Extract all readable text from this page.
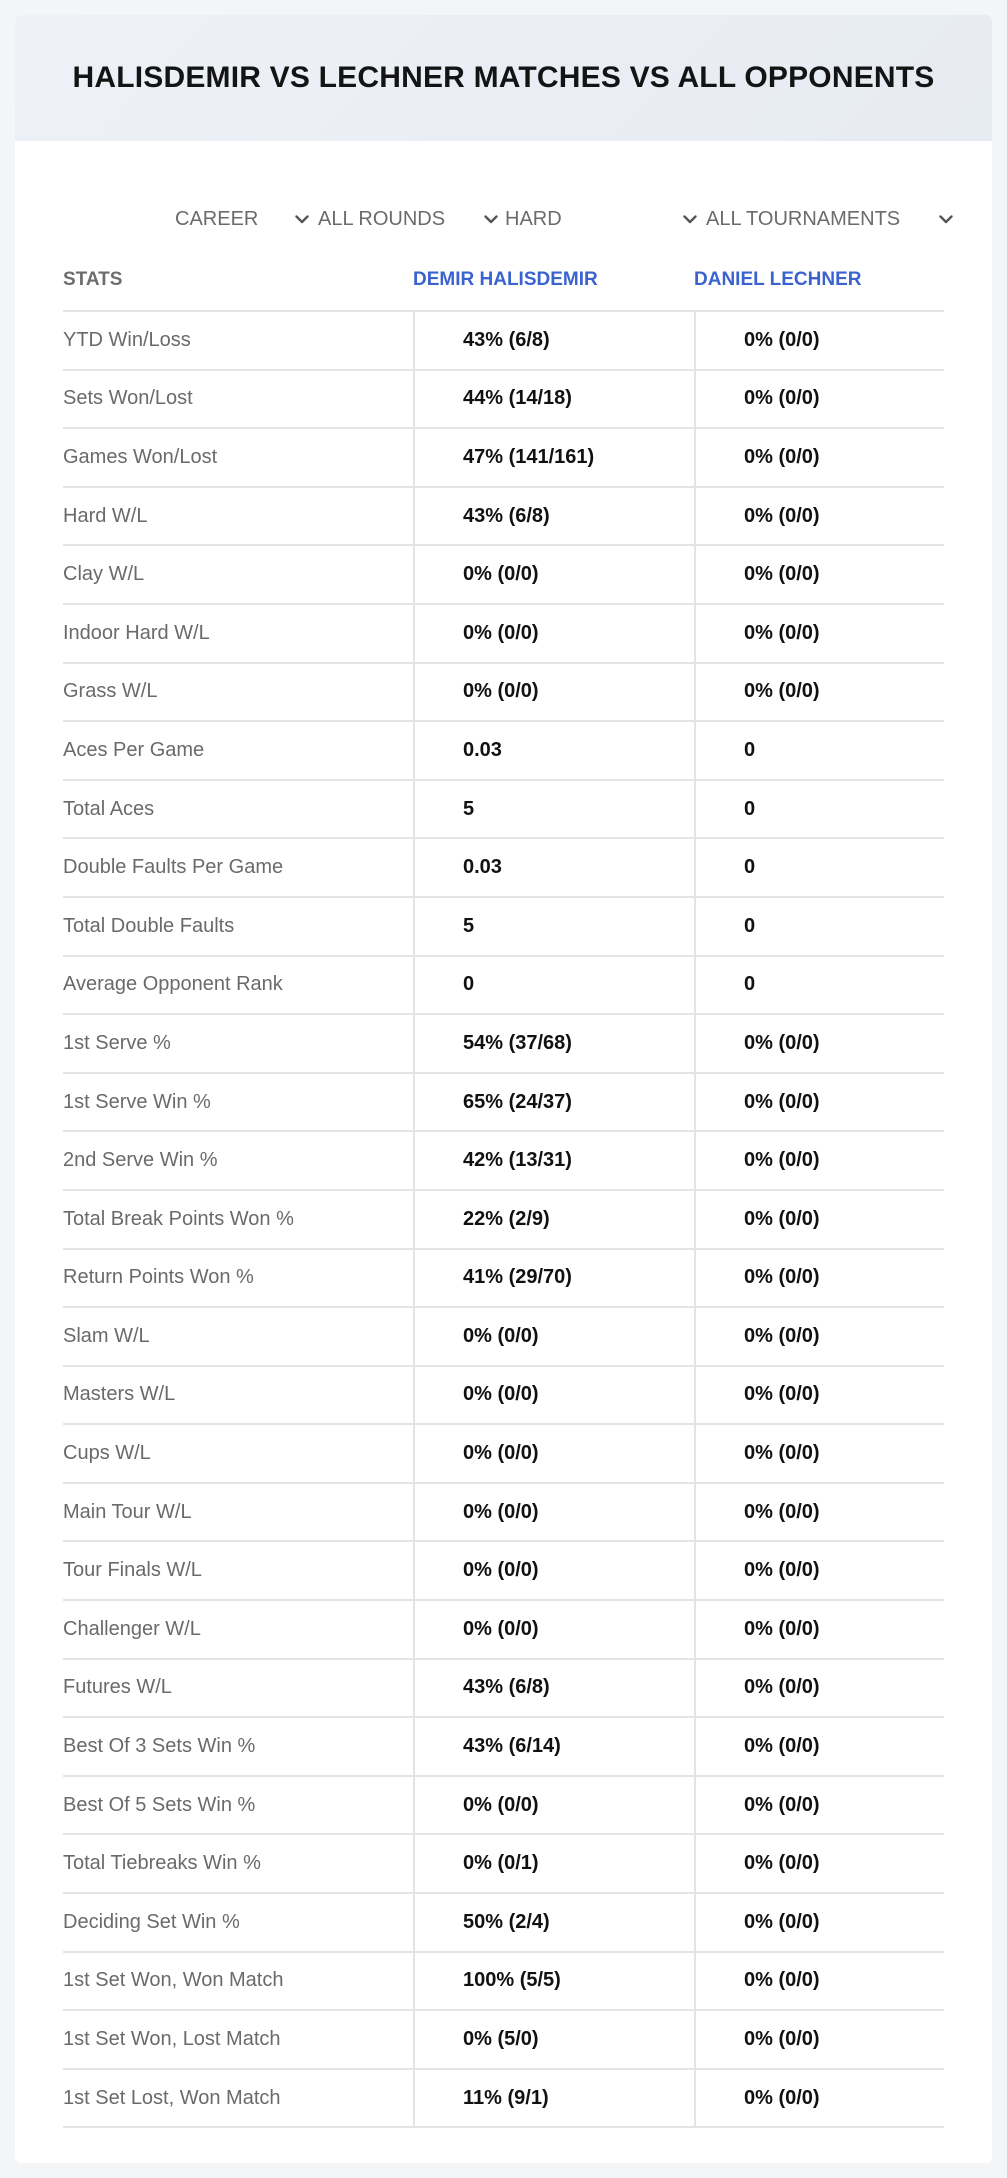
HALISDEMIR VS LECHNER MATCHES VS ALL OPPONENTS
CAREER	ALL ROUNDS	HARD	ALL TOURNAMENTS
STATS	DEMIR HALISDEMIR	DANIEL LECHNER
YTD Win/Loss	43% (6/8)	0% (0/0)
Sets Won/Lost	44% (14/18)	0% (0/0)
Games Won/Lost	47% (141/161)	0% (0/0)
Hard W/L	43% (6/8)	0% (0/0)
Clay W/L	0% (0/0)	0% (0/0)
Indoor Hard W/L	0% (0/0)	0% (0/0)
Grass W/L	0% (0/0)	0% (0/0)
Aces Per Game	0.03	0
Total Aces	5	0
Double Faults Per Game	0.03	0
Total Double Faults	5	0
Average Opponent Rank	0	0
1st Serve %	54% (37/68)	0% (0/0)
1st Serve Win %	65% (24/37)	0% (0/0)
2nd Serve Win %	42% (13/31)	0% (0/0)
Total Break Points Won %	22% (2/9)	0% (0/0)
Return Points Won %	41% (29/70)	0% (0/0)
Slam W/L	0% (0/0)	0% (0/0)
Masters W/L	0% (0/0)	0% (0/0)
Cups W/L	0% (0/0)	0% (0/0)
Main Tour W/L	0% (0/0)	0% (0/0)
Tour Finals W/L	0% (0/0)	0% (0/0)
Challenger W/L	0% (0/0)	0% (0/0)
Futures W/L	43% (6/8)	0% (0/0)
Best Of 3 Sets Win %	43% (6/14)	0% (0/0)
Best Of 5 Sets Win %	0% (0/0)	0% (0/0)
Total Tiebreaks Win %	0% (0/1)	0% (0/0)
Deciding Set Win %	50% (2/4)	0% (0/0)
1st Set Won, Won Match	100% (5/5)	0% (0/0)
1st Set Won, Lost Match	0% (5/0)	0% (0/0)
1st Set Lost, Won Match	11% (9/1)	0% (0/0)
